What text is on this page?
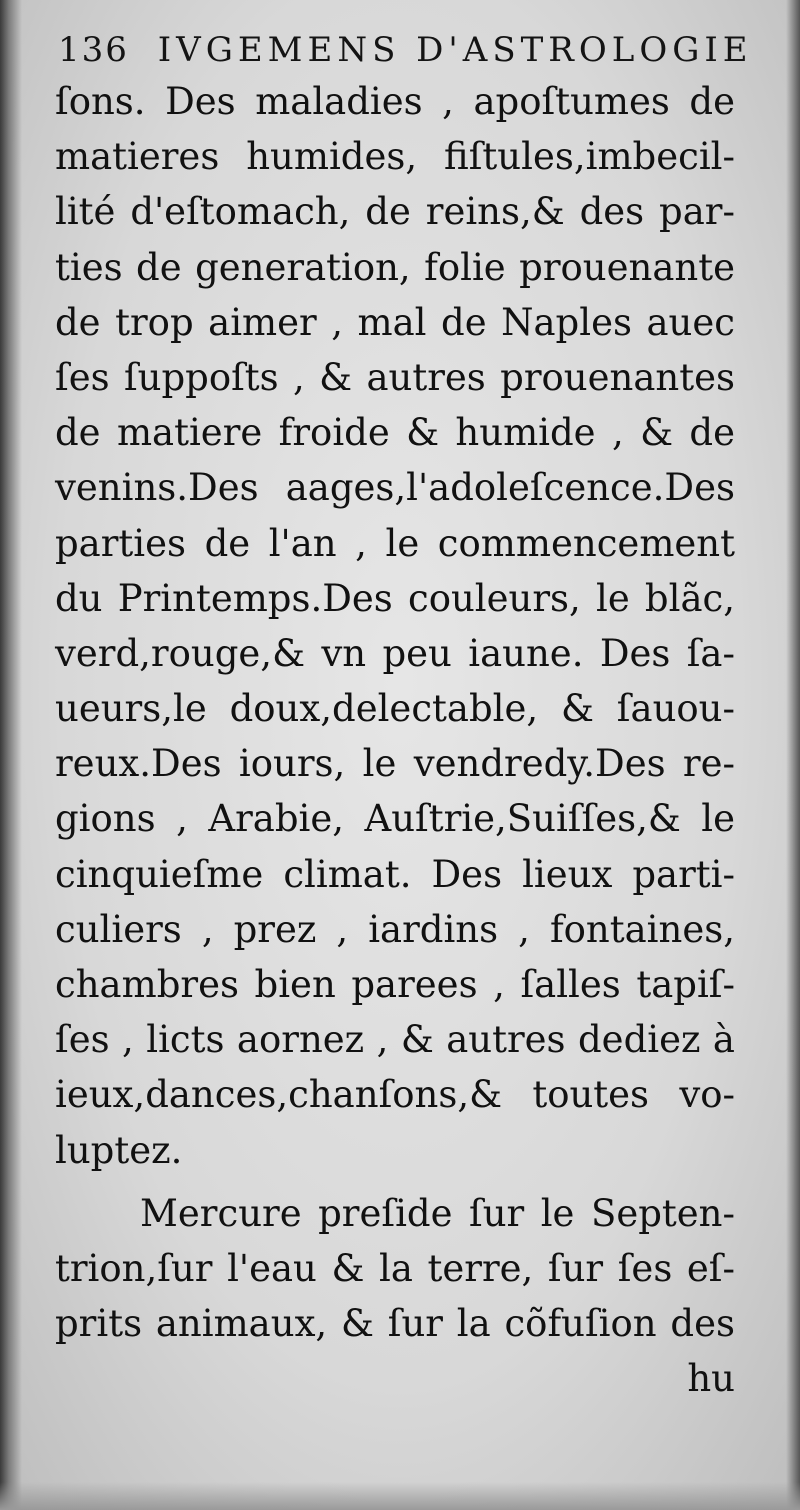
136 IVGEMENS D'ASTROLOGIE
ſons. Des maladies , apoſtumes de
matieres humides, fiſtules,imbecil-
lité d'eſtomach, de reins,& des par-
ties de generation, folie prouenante
de trop aimer , mal de Naples auec
ſes ſuppoſts , & autres prouenantes
de matiere froide & humide , & de
venins.Des aages,l'adoleſcence.Des
parties de l'an , le commencement
du Printemps.Des couleurs, le blãc,
verd,rouge,& vn peu iaune. Des ſa-
ueurs,le doux,delectable, & ſauou-
reux.Des iours, le vendredy.Des re-
gions , Arabie, Auſtrie,Suiſſes,& le
cinquieſme climat. Des lieux parti-
culiers , prez , iardins , fontaines,
chambres bien parees , ſalles tapiſ-
ſes , licts aornez , & autres dediez à
ieux,dances,chanſons,& toutes vo-
luptez.
Mercure preſide ſur le Septen-
trion,ſur l'eau & la terre, ſur ſes eſ-
prits animaux, & ſur la cõfuſion des
hu
